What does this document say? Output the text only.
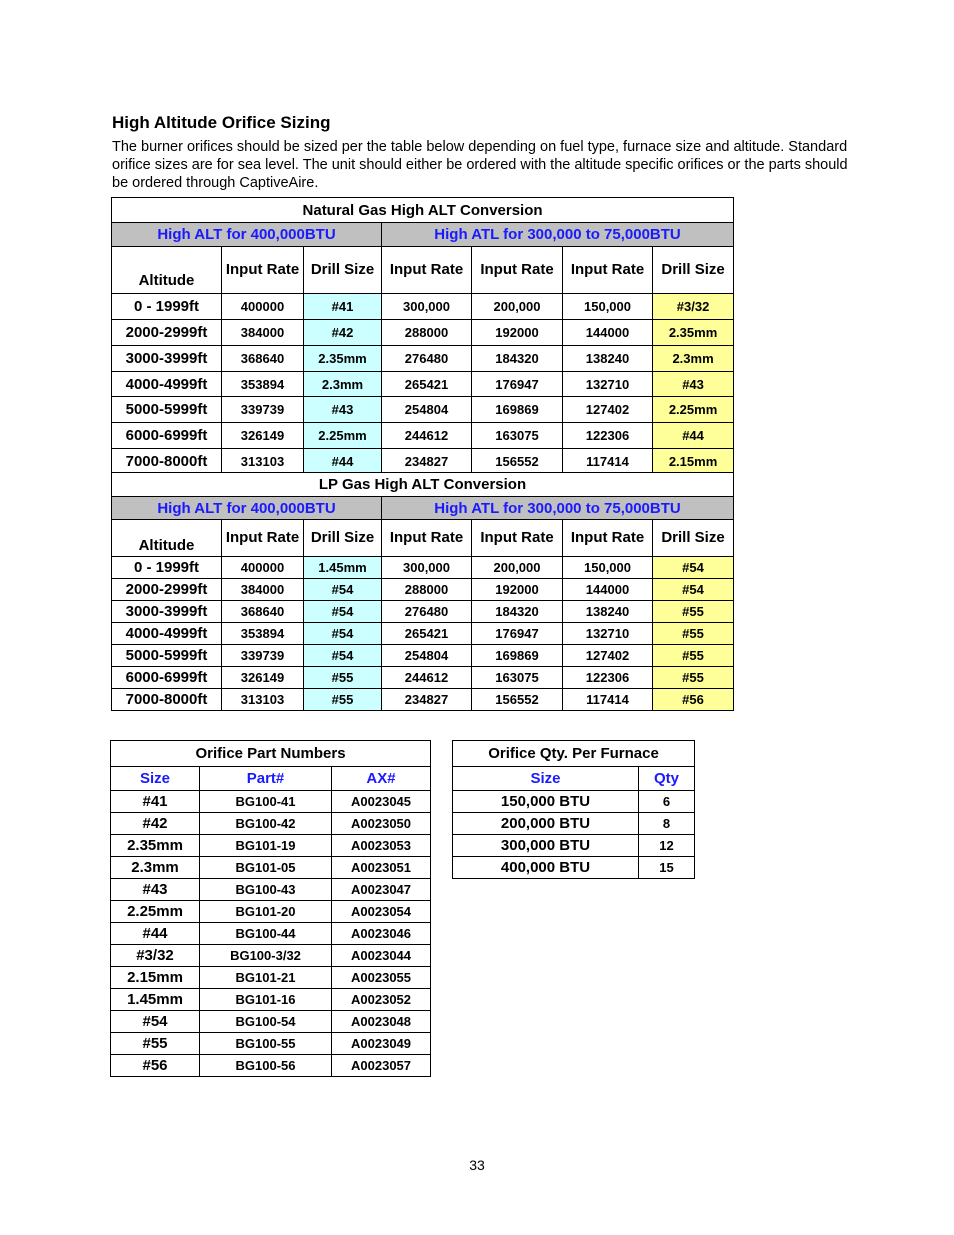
High Altitude Orifice Sizing
The burner orifices should be sized per the table below depending on fuel type, furnace size and altitude. Standard orifice sizes are for sea level. The unit should either be ordered with the altitude specific orifices or the parts should be ordered through CaptiveAire.
Natural Gas High ALT Conversion						
High ALT for 400,000BTU			High ATL for 300,000 to 75,000BTU			
Altitude	Input Rate	Drill Size	Input Rate	Input Rate	Input Rate	Drill Size
0 - 1999ft	400000	#41	300,000	200,000	150,000	#3/32
2000-2999ft	384000	#42	288000	192000	144000	2.35mm
3000-3999ft	368640	2.35mm	276480	184320	138240	2.3mm
4000-4999ft	353894	2.3mm	265421	176947	132710	#43
5000-5999ft	339739	#43	254804	169869	127402	2.25mm
6000-6999ft	326149	2.25mm	244612	163075	122306	#44
7000-8000ft	313103	#44	234827	156552	117414	2.15mm
LP Gas High ALT Conversion						
High ALT for 400,000BTU			High ATL for 300,000 to 75,000BTU			
Altitude	Input Rate	Drill Size	Input Rate	Input Rate	Input Rate	Drill Size
0 - 1999ft	400000	1.45mm	300,000	200,000	150,000	#54
2000-2999ft	384000	#54	288000	192000	144000	#54
3000-3999ft	368640	#54	276480	184320	138240	#55
4000-4999ft	353894	#54	265421	176947	132710	#55
5000-5999ft	339739	#54	254804	169869	127402	#55
6000-6999ft	326149	#55	244612	163075	122306	#55
7000-8000ft	313103	#55	234827	156552	117414	#56
Orifice Part Numbers		
Size	Part#	AX#
#41	BG100-41	A0023045
#42	BG100-42	A0023050
2.35mm	BG101-19	A0023053
2.3mm	BG101-05	A0023051
#43	BG100-43	A0023047
2.25mm	BG101-20	A0023054
#44	BG100-44	A0023046
#3/32	BG100-3/32	A0023044
2.15mm	BG101-21	A0023055
1.45mm	BG101-16	A0023052
#54	BG100-54	A0023048
#55	BG100-55	A0023049
#56	BG100-56	A0023057
Orifice Qty. Per Furnace	
Size	Qty
150,000 BTU	6
200,000 BTU	8
300,000 BTU	12
400,000 BTU	15
33
